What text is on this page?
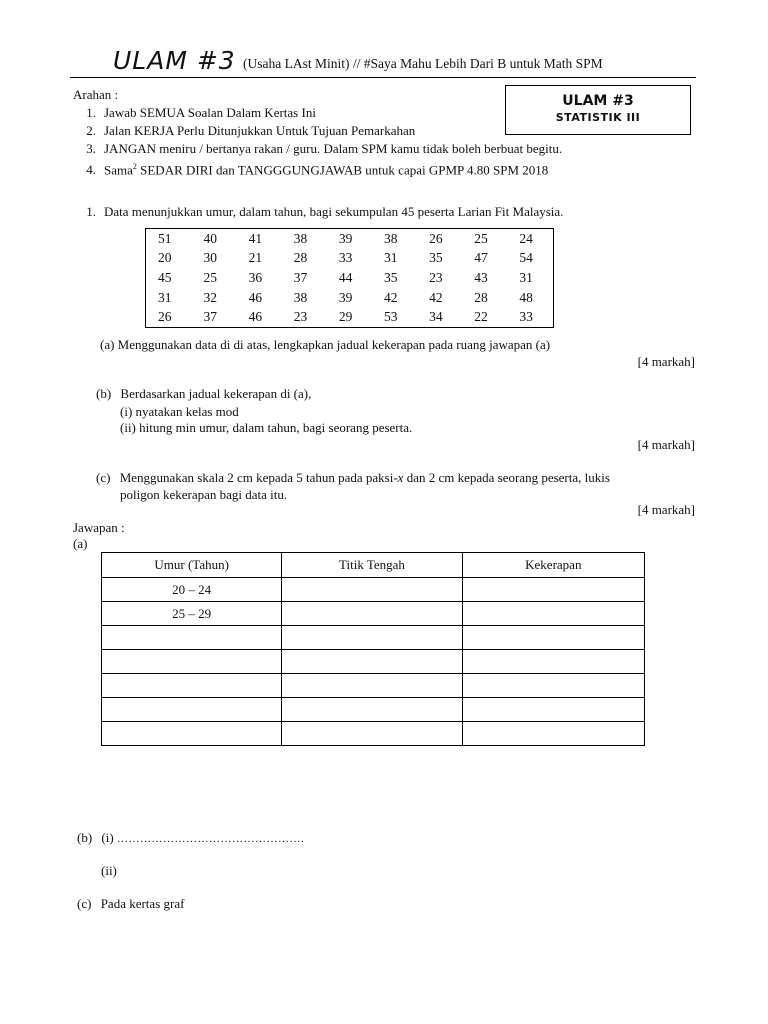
ULAM #3 (Usaha LAst Minit) // #Saya Mahu Lebih Dari B untuk Math SPM
ULAM #3
STATISTIK III
Arahan :
1. Jawab SEMUA Soalan Dalam Kertas Ini
2. Jalan KERJA Perlu Ditunjukkan Untuk Tujuan Pemarkahan
3. JANGAN meniru / bertanya rakan / guru. Dalam SPM kamu tidak boleh berbuat begitu.
4. Sama$^2$ SEDAR DIRI dan TANGGGUNGJAWAB untuk capai GPMP 4.80 SPM 2018
1. Data menunjukkan umur, dalam tahun, bagi sekumpulan 45 peserta Larian Fit Malaysia.
51	40	41	38	39	38	26	25	24
20	30	21	28	33	31	35	47	54
45	25	36	37	44	35	23	43	31
31	32	46	38	39	42	42	28	48
26	37	46	23	29	53	34	22	33
(a) Menggunakan data di di atas, lengkapkan jadual kekerapan pada ruang jawapan (a)
[4 markah]
(b) Berdasarkan jadual kekerapan di (a),
(i) nyatakan kelas mod
(ii) hitung min umur, dalam tahun, bagi seorang peserta.
[4 markah]
(c) Menggunakan skala 2 cm kepada 5 tahun pada paksi-x dan 2 cm kepada seorang peserta, lukis
poligon kekerapan bagi data itu.
[4 markah]
Jawapan :
(a)
Umur (Tahun)	Titik Tengah	Kekerapan
20 – 24		
25 – 29		

(b) (i) ………………………………………….
(ii)
(c) Pada kertas graf
